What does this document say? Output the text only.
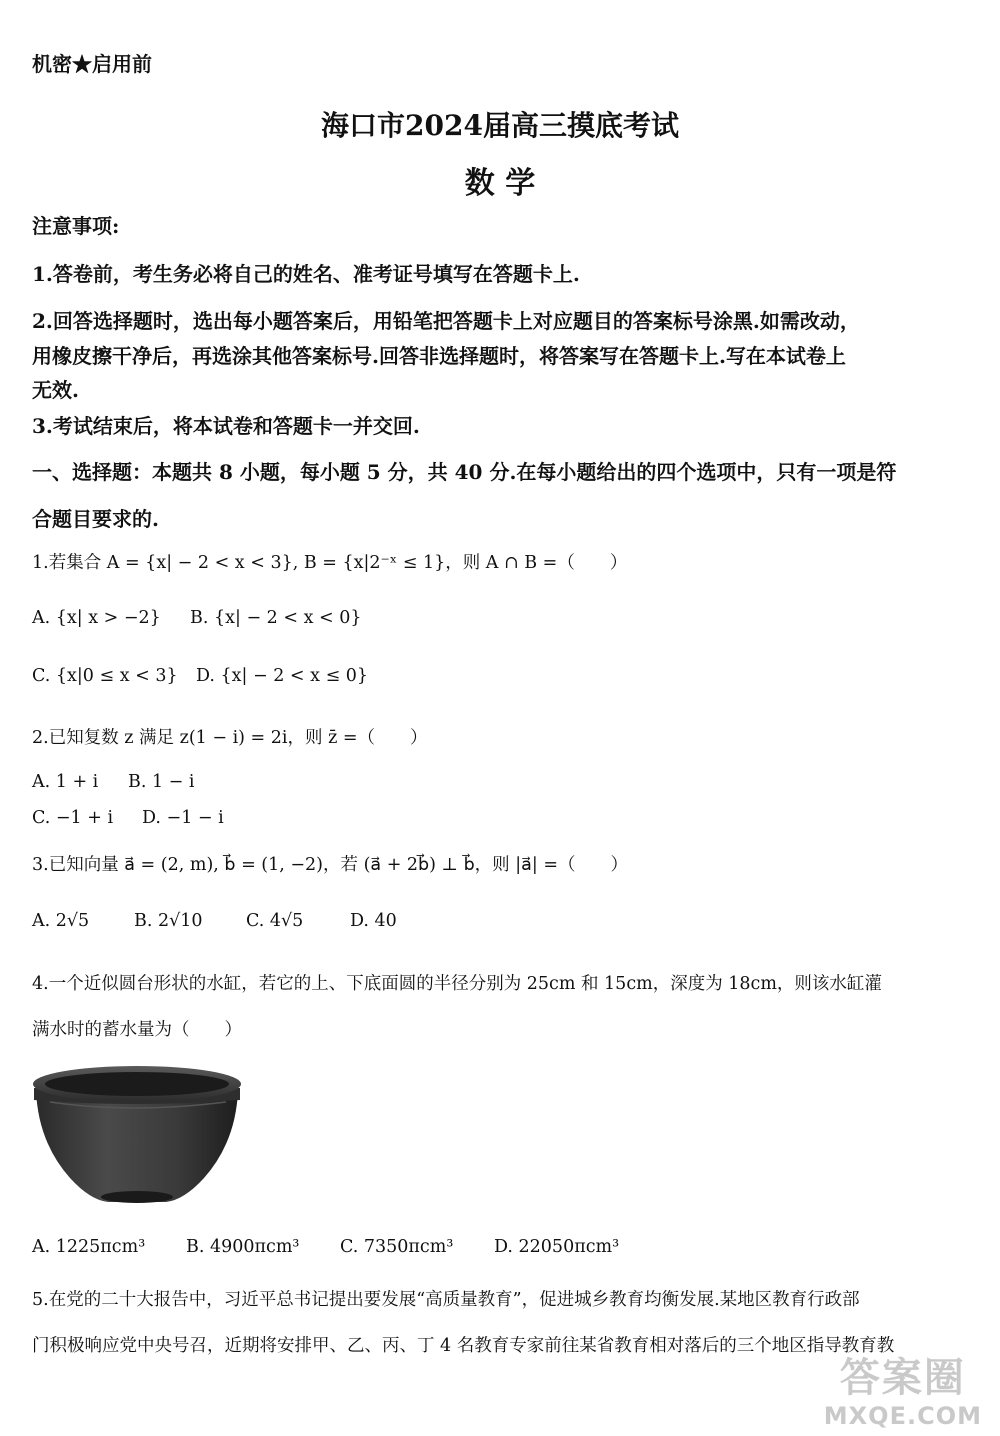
机密★启用前
海口市2024届高三摸底考试
数 学
注意事项:
1.答卷前，考生务必将自己的姓名、准考证号填写在答题卡上.
2.回答选择题时，选出每小题答案后，用铅笔把答题卡上对应题目的答案标号涂黑.如需改动，
用橡皮擦干净后，再选涂其他答案标号.回答非选择题时，将答案写在答题卡上.写在本试卷上
无效.
3.考试结束后，将本试卷和答题卡一并交回.
一、选择题：本题共 8 小题，每小题 5 分，共 40 分.在每小题给出的四个选项中，只有一项是符
合题目要求的.
1.若集合 A = {x| − 2 < x < 3}, B = {x|2⁻ˣ ≤ 1}，则 A ∩ B =（　　）
A. {x| x > −2} B. {x| − 2 < x < 0}
C. {x|0 ≤ x < 3} D. {x| − 2 < x ≤ 0}
2.已知复数 z 满足 z(1 − i) = 2i，则 z̄ =（　　）
A. 1 + i B. 1 − i
C. −1 + i D. −1 − i
3.已知向量 a⃗ = (2, m), b⃗ = (1, −2)，若 (a⃗ + 2b⃗) ⊥ b⃗，则 |a⃗| =（　　）
A. 2√5	B. 2√10 C. 4√5	D. 40
4.一个近似圆台形状的水缸，若它的上、下底面圆的半径分别为 25cm 和 15cm，深度为 18cm，则该水缸灌
满水时的蓄水量为（　　）
A. 1225πcm³ B. 4900πcm³ C. 7350πcm³ D. 22050πcm³
5.在党的二十大报告中，习近平总书记提出要发展“高质量教育”，促进城乡教育均衡发展.某地区教育行政部
门积极响应党中央号召，近期将安排甲、乙、丙、丁 4 名教育专家前往某省教育相对落后的三个地区指导教育教
答案圈
MXQE.COM
